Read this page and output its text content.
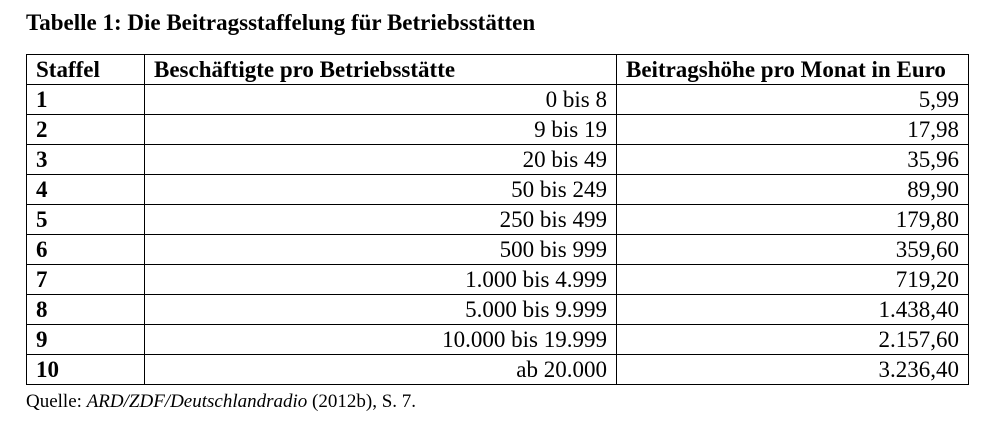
Tabelle 1: Die Beitragsstaffelung für Betriebsstätten
Staffel	Beschäftigte pro Betriebsstätte	Beitragshöhe pro Monat in Euro
1	0 bis 8	5,99
2	9 bis 19	17,98
3	20 bis 49	35,96
4	50 bis 249	89,90
5	250 bis 499	179,80
6	500 bis 999	359,60
7	1.000 bis 4.999	719,20
8	5.000 bis 9.999	1.438,40
9	10.000 bis 19.999	2.157,60
10	ab 20.000	3.236,40
Quelle: ARD/ZDF/Deutschlandradio (2012b), S. 7.
